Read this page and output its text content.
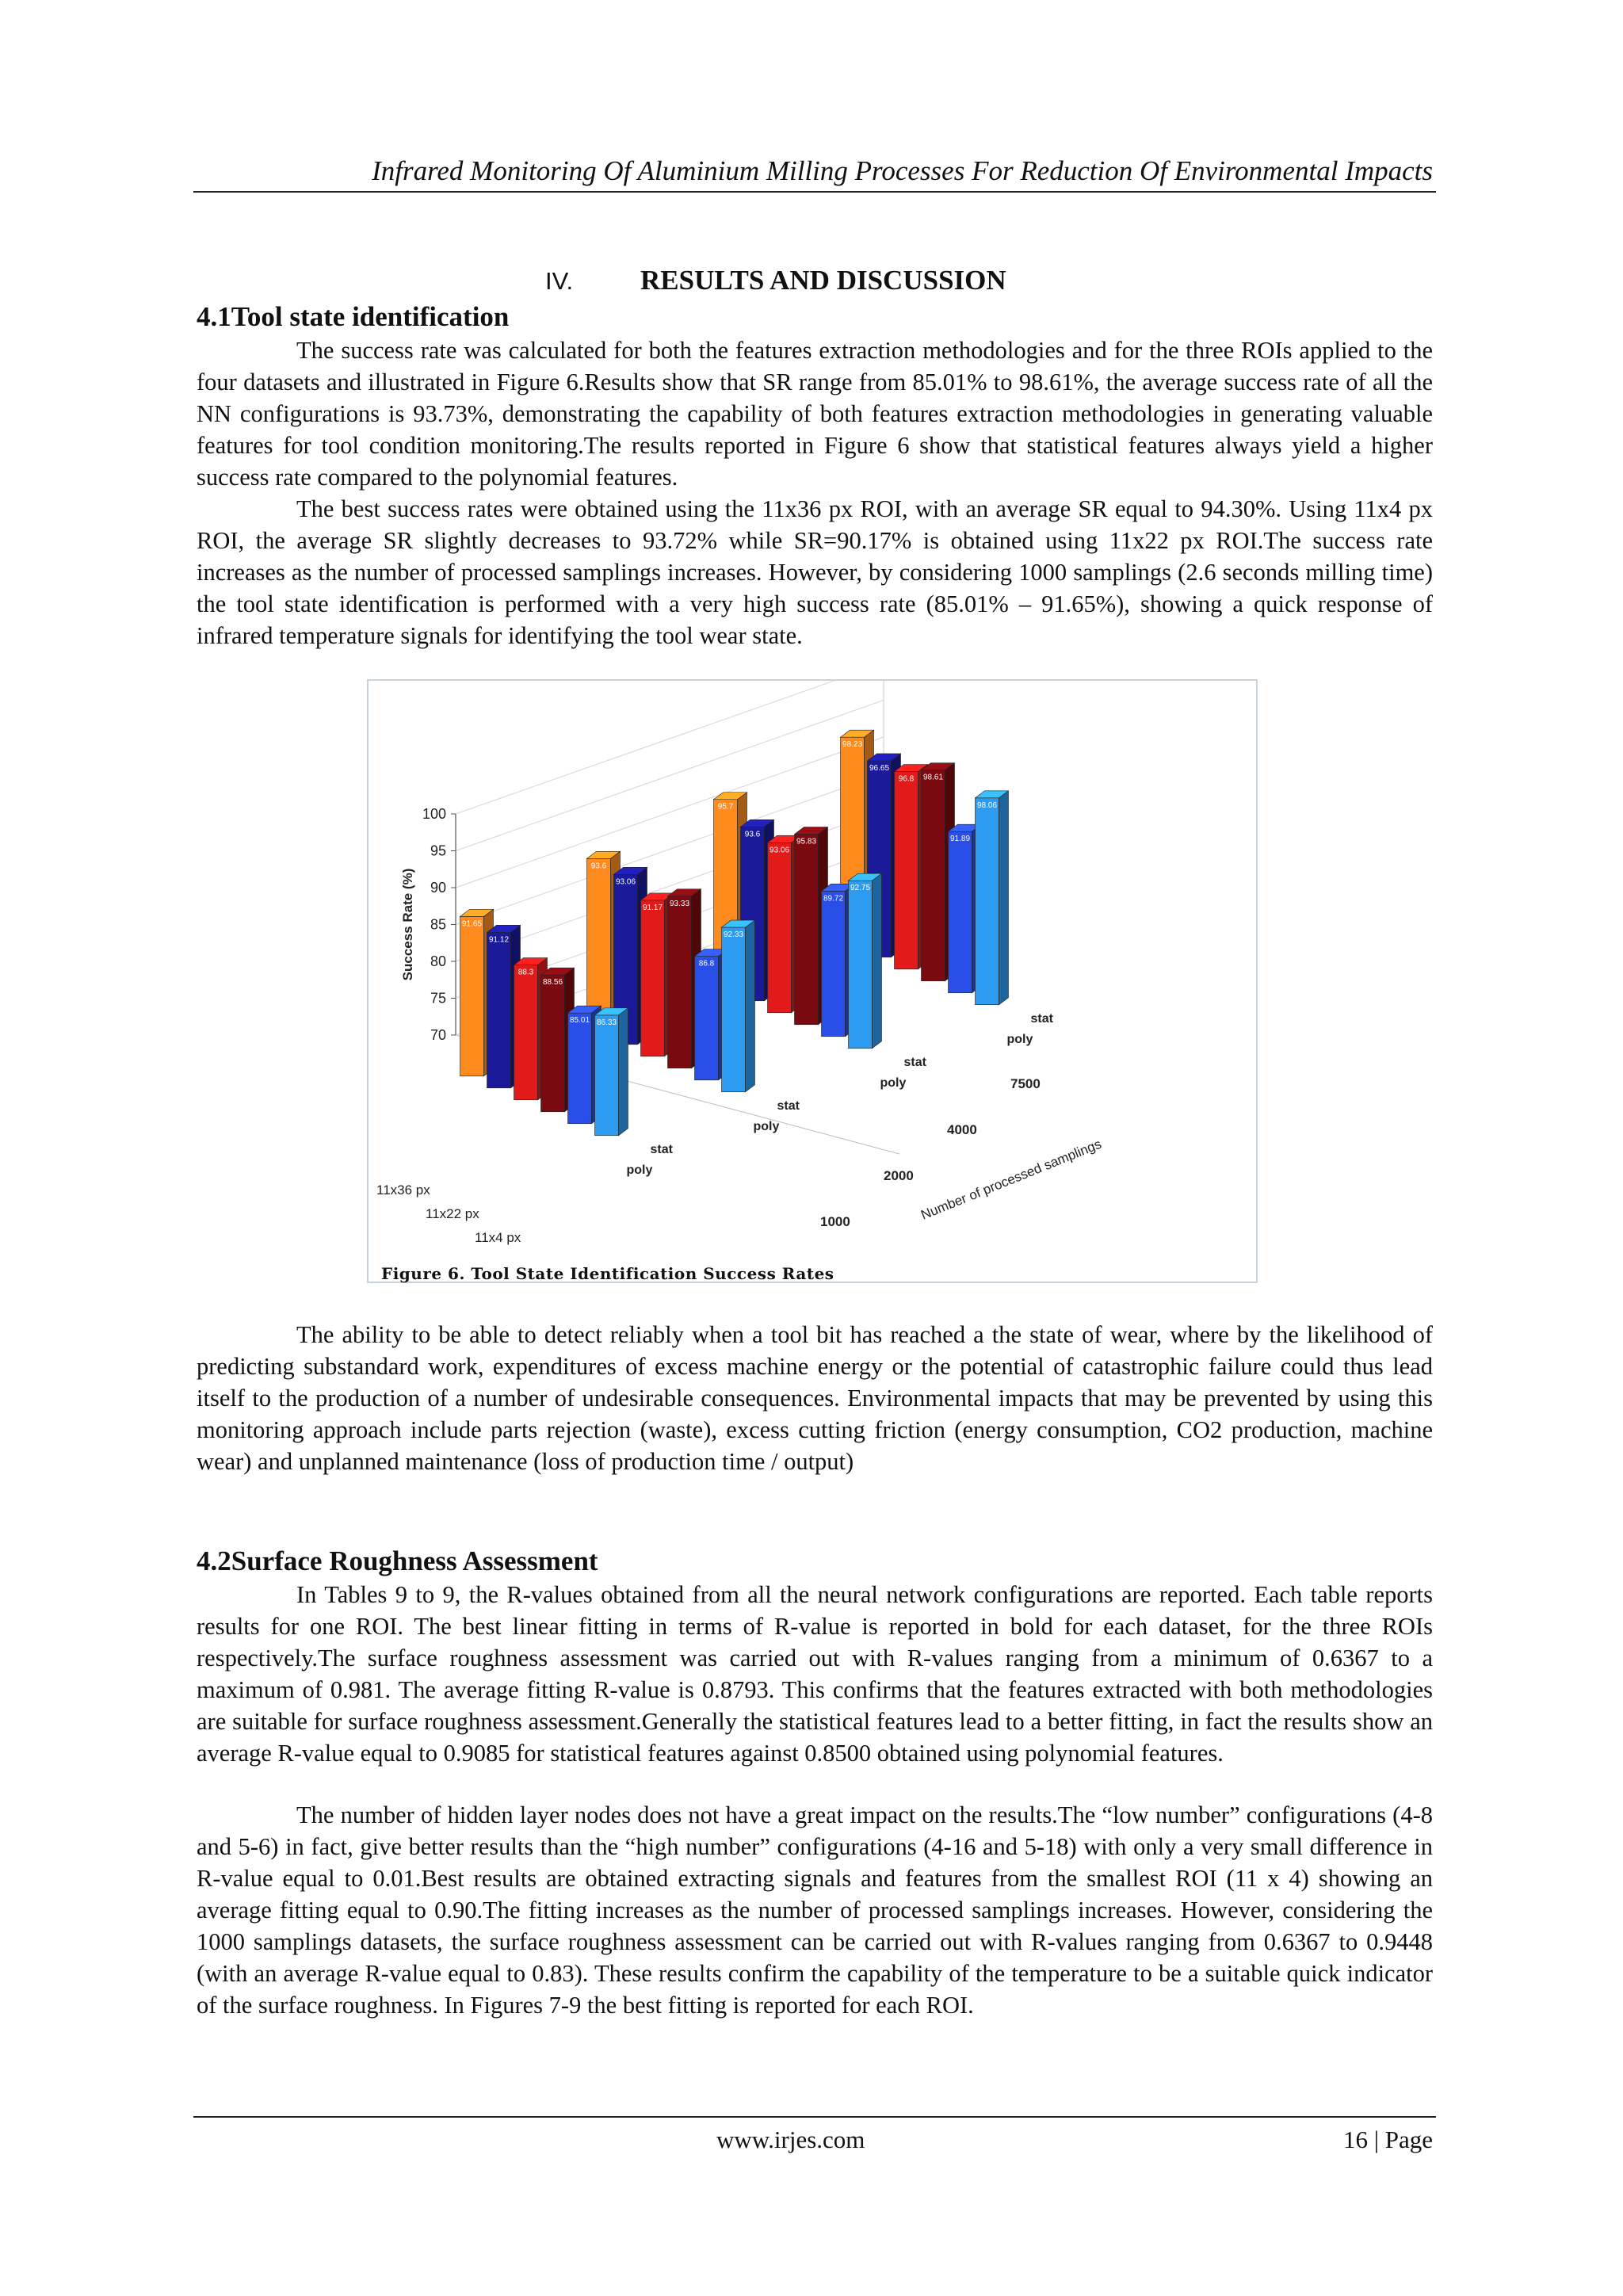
Infrared Monitoring Of Aluminium Milling Processes For Reduction Of Environmental Impacts
IV. RESULTS AND DISCUSSION
4.1Tool state identification

The success rate was calculated for both the features extraction methodologies and for the three ROIs applied to the four datasets and illustrated in Figure 6.Results show that SR range from 85.01% to 98.61%, the average success rate of all the NN configurations is 93.73%, demonstrating the capability of both features extraction methodologies in generating valuable features for tool condition monitoring.The results reported in Figure 6 show that statistical features always yield a higher success rate compared to the polynomial features.

The best success rates were obtained using the 11x36 px ROI, with an average SR equal to 94.30%. Using 11x4 px ROI, the average SR slightly decreases to 93.72% while SR=90.17% is obtained using 11x22 px ROI.The success rate increases as the number of processed samplings increases. However, by considering 1000 samplings (2.6 seconds milling time) the tool state identification is performed with a very high success rate (85.01% – 91.65%), showing a quick response of infrared temperature signals for identifying the tool wear state.

98.23
96.65
96.8 98.61
91.89
98.06
95.7
93.6
93.06
95.83
89.72
92.75
93.6
93.06
91.17 93.33
86.8
92.33
91.65
91.12
88.3
88.56
85.01 86.33
70
75
80
85
90
95
100
Success Rate (%)
11x36 px
11x22 px
11x4 px
poly
stat
1000
poly
stat
2000
poly
stat
4000
poly
stat
7500
Number of processed samplings
Figure 6. Tool State Identification Success Rates

The ability to be able to detect reliably when a tool bit has reached a the state of wear, where by the likelihood of predicting substandard work, expenditures of excess machine energy or the potential of catastrophic failure could thus lead itself to the production of a number of undesirable consequences. Environmental impacts that may be prevented by using this monitoring approach include parts rejection (waste), excess cutting friction (energy consumption, CO2 production, machine wear) and unplanned maintenance (loss of production time / output)

4.2Surface Roughness Assessment

In Tables 9 to 9, the R-values obtained from all the neural network configurations are reported. Each table reports results for one ROI. The best linear fitting in terms of R-value is reported in bold for each dataset, for the three ROIs respectively.The surface roughness assessment was carried out with R-values ranging from a minimum of 0.6367 to a maximum of 0.981. The average fitting R-value is 0.8793. This confirms that the features extracted with both methodologies are suitable for surface roughness assessment.Generally the statistical features lead to a better fitting, in fact the results show an average R-value equal to 0.9085 for statistical features against 0.8500 obtained using polynomial features.

The number of hidden layer nodes does not have a great impact on the results.The “low number” configurations (4-8 and 5-6) in fact, give better results than the “high number” configurations (4-16 and 5-18) with only a very small difference in R-value equal to 0.01.Best results are obtained extracting signals and features from the smallest ROI (11 x 4) showing an average fitting equal to 0.90.The fitting increases as the number of processed samplings increases. However, considering the 1000 samplings datasets, the surface roughness assessment can be carried out with R-values ranging from 0.6367 to 0.9448 (with an average R-value equal to 0.83). These results confirm the capability of the temperature to be a suitable quick indicator of the surface roughness. In Figures 7-9 the best fitting is reported for each ROI.

www.irjes.com	16 | Page
